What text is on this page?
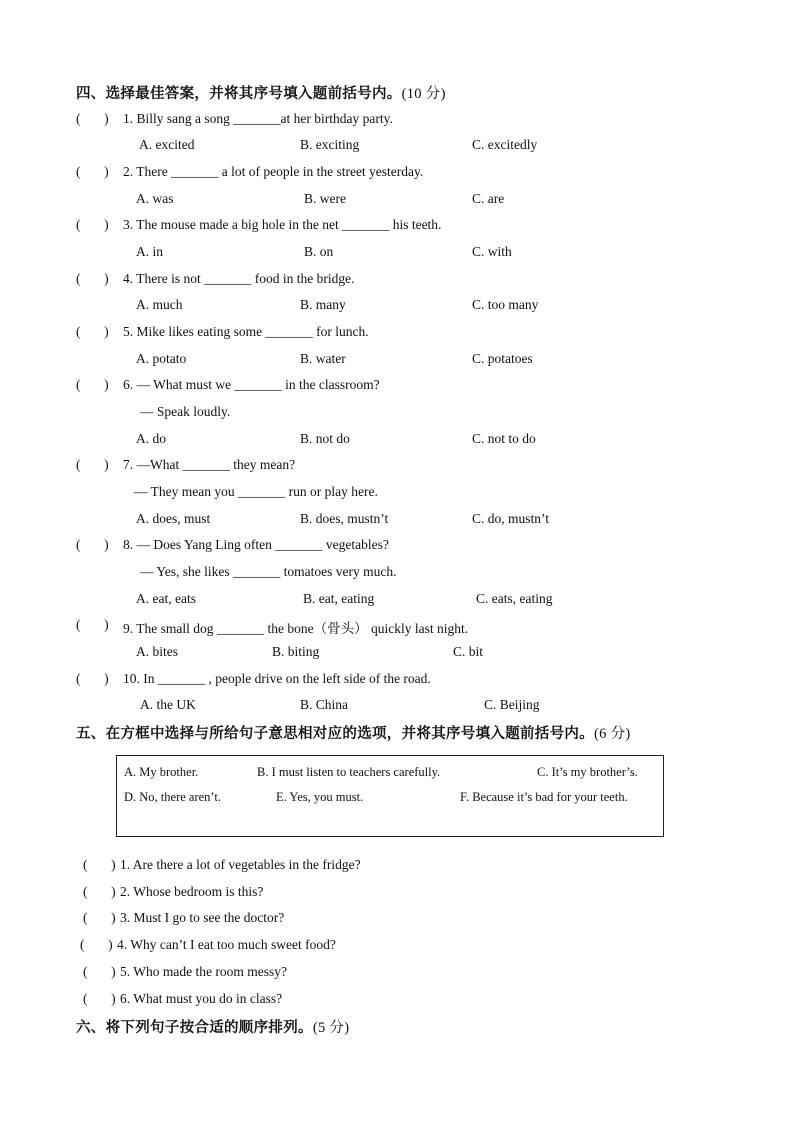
四、选择最佳答案，并将其序号填入题前括号内。(10 分)
(       ) 1. Billy sang a song _______at her birthday party.
A. excited	B. exciting	C. excitedly
(       ) 2. There _______ a lot of people in the street yesterday.
A. was	B. were	C. are
(       ) 3. The mouse made a big hole in the net _______ his teeth.
A. in	B. on	C. with
(       ) 4. There is not _______ food in the bridge.
A. much	B. many	C. too many
(       ) 5. Mike likes eating some _______ for lunch.
A. potato	B. water	C. potatoes
(       ) 6. — What must we _______ in the classroom?
— Speak loudly.
A. do	B. not do	C. not to do
(       ) 7. —What _______ they mean?
— They mean you _______ run or play here.
A. does, must	B. does, mustn’t	C. do, mustn’t
(       ) 8. — Does Yang Ling often _______ vegetables?
— Yes, she likes _______ tomatoes very much.
A. eat, eats	B. eat, eating	C. eats, eating
(       ) 9. The small dog _______ the bone（骨头） quickly last night.
A. bites	B. biting	C. bit
(       ) 10. In _______ , people drive on the left side of the road.
A. the UK	B. China	C. Beijing
五、在方框中选择与所给句子意思相对应的选项，并将其序号填入题前括号内。(6 分)
A. My brother.	B. I must listen to teachers carefully.	C. It’s my brother’s.
D. No, there aren’t.	E. Yes, you must.	F. Because it’s bad for your teeth.
(       ) 1. Are there a lot of vegetables in the fridge?
(       ) 2. Whose bedroom is this?
(       ) 3. Must I go to see the doctor?
(       ) 4. Why can’t I eat too much sweet food?
(       ) 5. Who made the room messy?
(       ) 6. What must you do in class?
六、将下列句子按合适的顺序排列。(5 分)
